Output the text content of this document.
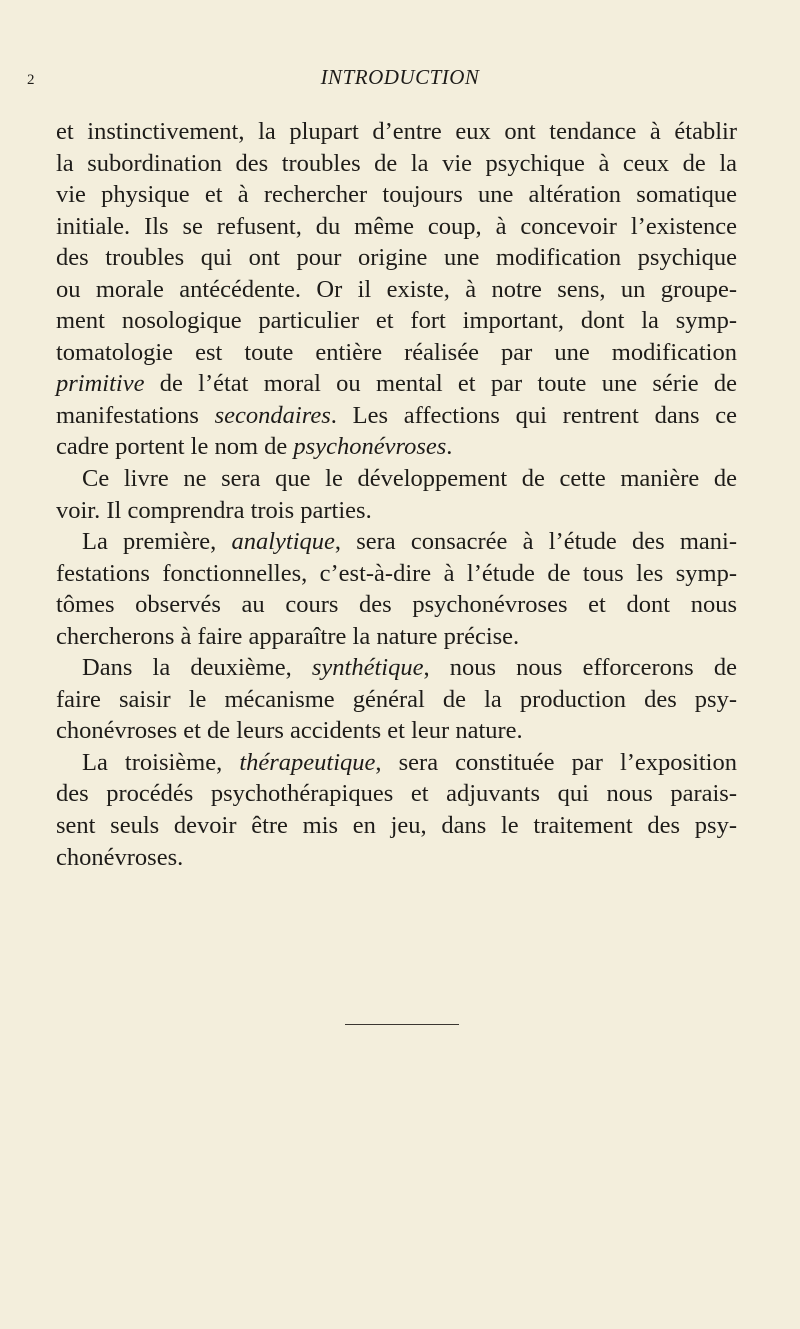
2	INTRODUCTION
et instinctivement, la plupart d’entre eux ont tendance à établir
la subordination des troubles de la vie psychique à ceux de la
vie physique et à rechercher toujours une altération somatique
initiale. Ils se refusent, du même coup, à concevoir l’existence
des troubles qui ont pour origine une modification psychique
ou morale antécédente. Or il existe, à notre sens, un groupe-
ment nosologique particulier et fort important, dont la symp-
tomatologie est toute entière réalisée par une modification
primitive de l’état moral ou mental et par toute une série de
manifestations secondaires. Les affections qui rentrent dans ce
cadre portent le nom de psychonévroses.
Ce livre ne sera que le développement de cette manière de
voir. Il comprendra trois parties.
La première, analytique, sera consacrée à l’étude des mani-
festations fonctionnelles, c’est-à-dire à l’étude de tous les symp-
tômes observés au cours des psychonévroses et dont nous
chercherons à faire apparaître la nature précise.
Dans la deuxième, synthétique, nous nous efforcerons de
faire saisir le mécanisme général de la production des psy-
chonévroses et de leurs accidents et leur nature.
La troisième, thérapeutique, sera constituée par l’exposition
des procédés psychothérapiques et adjuvants qui nous parais-
sent seuls devoir être mis en jeu, dans le traitement des psy-
chonévroses.
